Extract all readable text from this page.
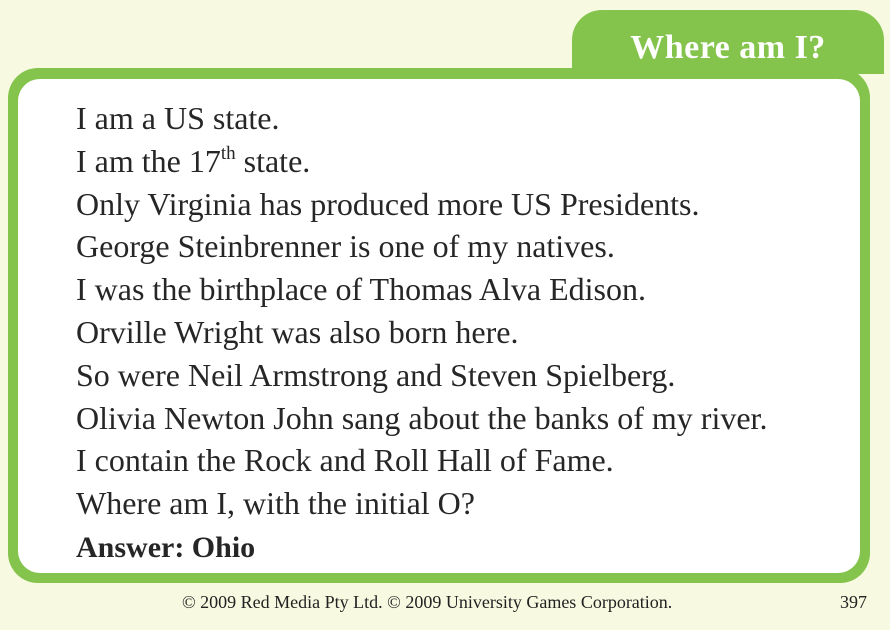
Where am I?
I am a US state.
I am the 17th state.
Only Virginia has produced more US Presidents.
George Steinbrenner is one of my natives.
I was the birthplace of Thomas Alva Edison.
Orville Wright was also born here.
So were Neil Armstrong and Steven Spielberg.
Olivia Newton John sang about the banks of my river.
I contain the Rock and Roll Hall of Fame.
Where am I, with the initial O?
Answer: Ohio
© 2009 Red Media Pty Ltd. © 2009 University Games Corporation.	397
